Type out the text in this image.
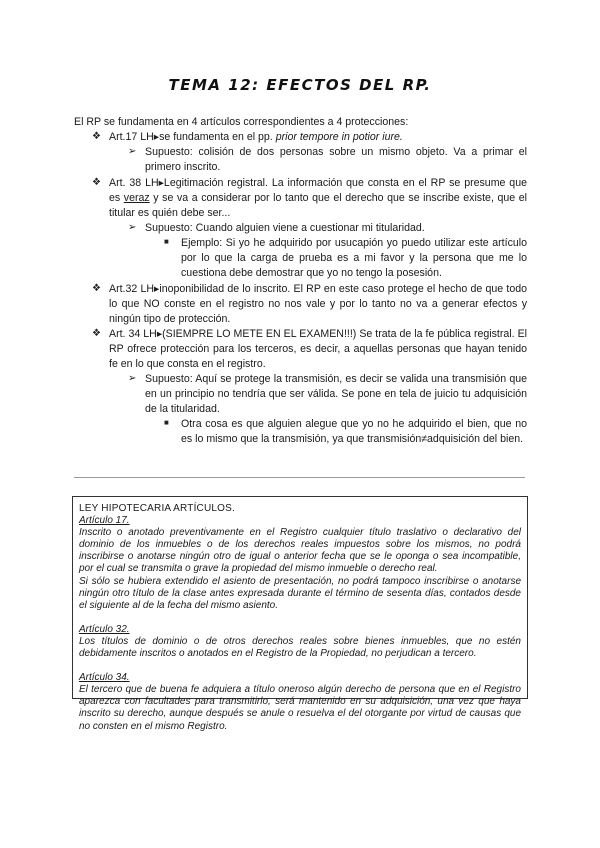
TEMA 12: EFECTOS DEL RP.
El RP se fundamenta en 4 artículos correspondientes a 4 protecciones:
❖ Art.17 LH▸se fundamenta en el pp. prior tempore in potior iure.
➢ Supuesto: colisión de dos personas sobre un mismo objeto. Va a primar el primero inscrito.
❖ Art. 38 LH▸Legitimación registral. La información que consta en el RP se presume que es veraz y se va a considerar por lo tanto que el derecho que se inscribe existe, que el titular es quién debe ser...
➢ Supuesto: Cuando alguien viene a cuestionar mi titularidad.
■ Ejemplo: Si yo he adquirido por usucapión yo puedo utilizar este artículo por lo que la carga de prueba es a mi favor y la persona que me lo cuestiona debe demostrar que yo no tengo la posesión.
❖ Art.32 LH▸inoponibilidad de lo inscrito. El RP en este caso protege el hecho de que todo lo que NO conste en el registro no nos vale y por lo tanto no va a generar efectos y ningún tipo de protección.
❖ Art. 34 LH▸(SIEMPRE LO METE EN EL EXAMEN!!!) Se trata de la fe pública registral. El RP ofrece protección para los terceros, es decir, a aquellas personas que hayan tenido fe en lo que consta en el registro.
➢ Supuesto: Aquí se protege la transmisión, es decir se valida una transmisión que en un principio no tendría que ser válida. Se pone en tela de juicio tu adquisición de la titularidad.
■ Otra cosa es que alguien alegue que yo no he adquirido el bien, que no es lo mismo que la transmisión, ya que transmisión≠adquisición del bien.
LEY HIPOTECARIA ARTÍCULOS.
Artículo 17.
Inscrito o anotado preventivamente en el Registro cualquier título traslativo o declarativo del dominio de los inmuebles o de los derechos reales impuestos sobre los mismos, no podrá inscribirse o anotarse ningún otro de igual o anterior fecha que se le oponga o sea incompatible, por el cual se transmita o grave la propiedad del mismo inmueble o derecho real.
Si sólo se hubiera extendido el asiento de presentación, no podrá tampoco inscribirse o anotarse ningún otro título de la clase antes expresada durante el término de sesenta días, contados desde el siguiente al de la fecha del mismo asiento.
Artículo 32.
Los títulos de dominio o de otros derechos reales sobre bienes inmuebles, que no estén debidamente inscritos o anotados en el Registro de la Propiedad, no perjudican a tercero.
Artículo 34.
El tercero que de buena fe adquiera a título oneroso algún derecho de persona que en el Registro aparezca con facultades para transmitirlo, será mantenido en su adquisición, una vez que haya inscrito su derecho, aunque después se anule o resuelva el del otorgante por virtud de causas que no consten en el mismo Registro.
